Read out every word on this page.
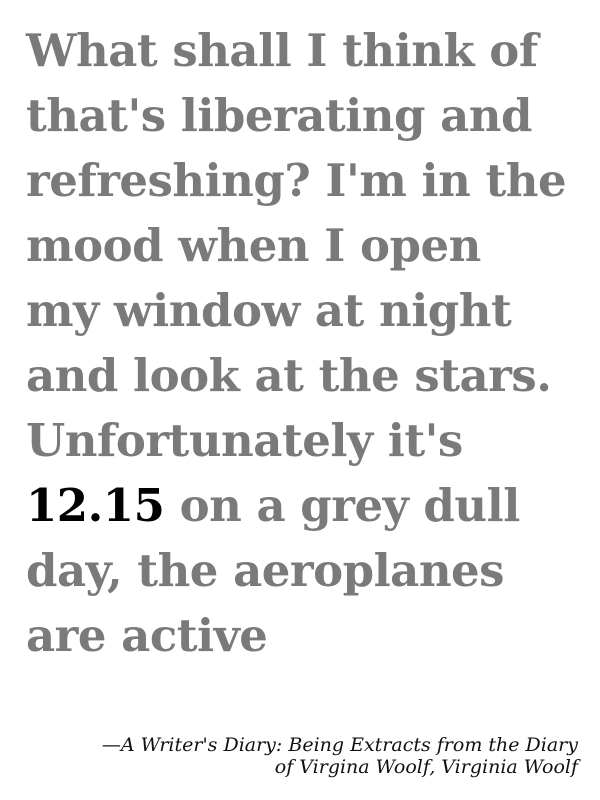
What shall I think of
that's liberating and
refreshing? I'm in the
mood when I open
my window at night
and look at the stars.
Unfortunately it's
12.15 on a grey dull
day, the aeroplanes
are active

—A Writer's Diary: Being Extracts from the Diary
of Virgina Woolf, Virginia Woolf
